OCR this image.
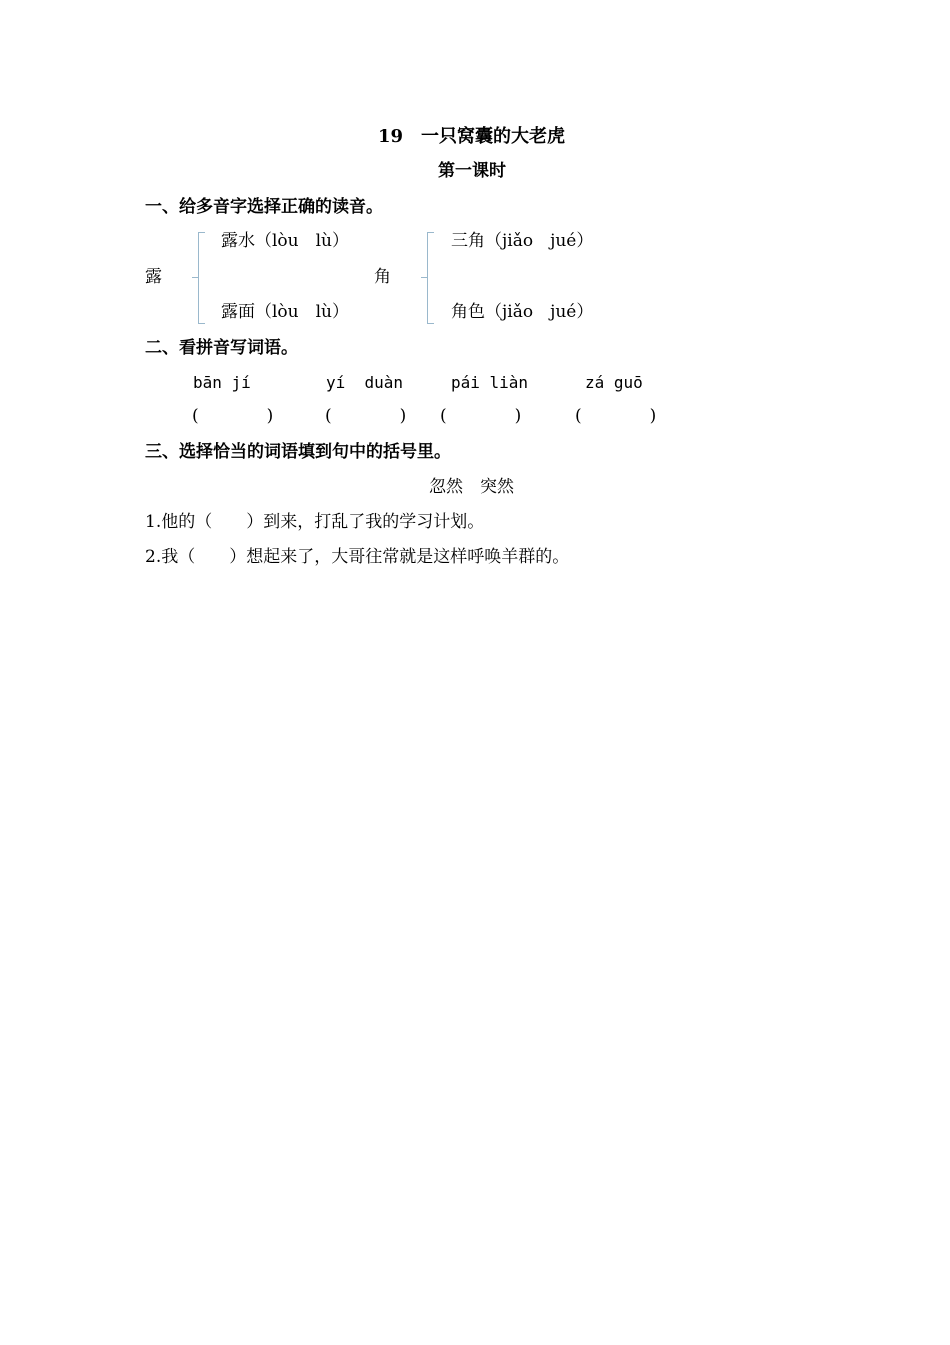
19　一只窝囊的大老虎
第一课时
一、给多音字选择正确的读音。
露
露水（lòu　lù）
露面（lòu　lù）
角
三角（jiǎo　jué）
角色（jiǎo　jué）
二、看拼音写词语。
bān jí	yí  duàn	pái liàn	zá guō
(　　　　)	(　　　　) (　　　　)	(　　　　)
三、选择恰当的词语填到句中的括号里。
忽然　突然
1.他的（　　）到来，打乱了我的学习计划。
2.我（　　）想起来了，大哥往常就是这样呼唤羊群的。
